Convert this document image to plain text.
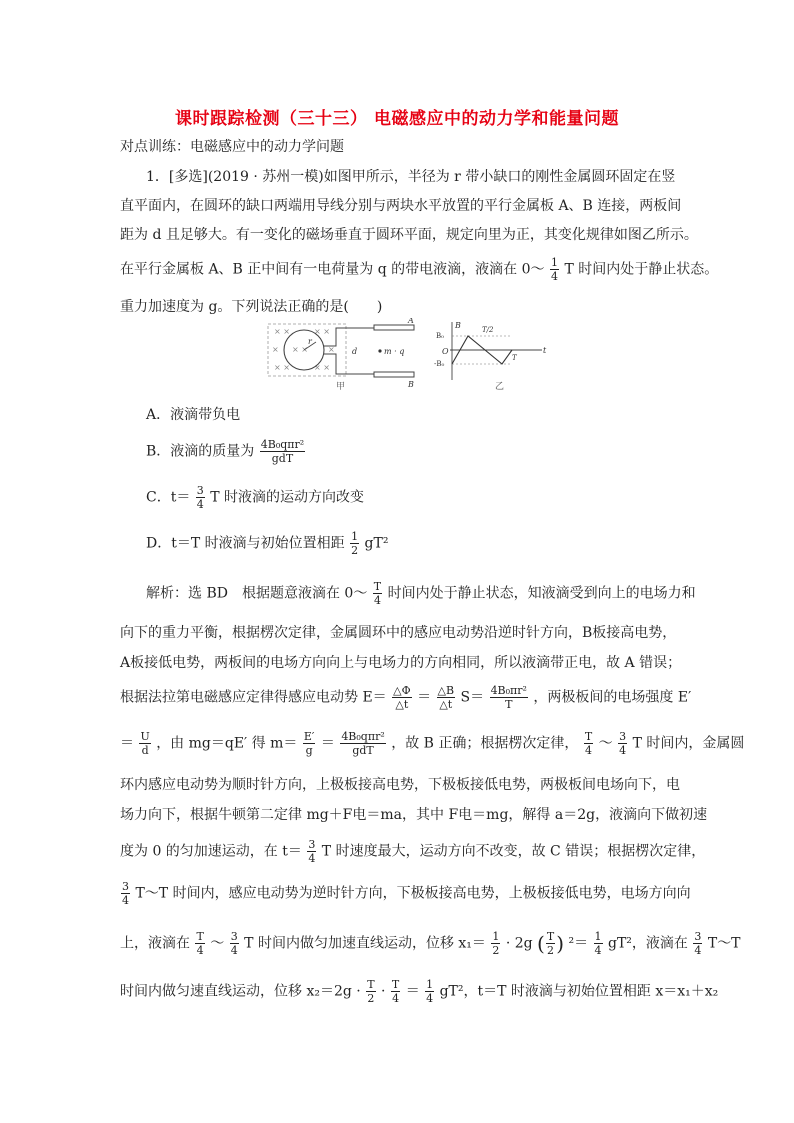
课时跟踪检测（三十三） 电磁感应中的动力学和能量问题
对点训练：电磁感应中的动力学问题
1．[多选](2019 · 苏州一模)如图甲所示，半径为 r 带小缺口的刚性金属圆环固定在竖
直平面内，在圆环的缺口两端用导线分别与两块水平放置的平行金属板 A、B 连接，两板间
距为 d 且足够大。有一变化的磁场垂直于圆环平面，规定向里为正，其变化规律如图乙所示。
在平行金属板 A、B 正中间有一电荷量为 q 的带电液滴，液滴在 0～ $\frac{1}{4}$ T 时间内处于静止状态。
重力加速度为 g。下列说法正确的是(　　)
× ×	× ×
× × ×	×
× ×	× ×
r
A
B
d	m · q
甲
B
t
B₀
-B₀
O
T/2
T
乙
A．液滴带负电
B．液滴的质量为 $\frac{\text{4B₀qπr²}}{\text{gdT}}$
C．$t= \frac{3}{4}$ T 时液滴的运动方向改变
D．t＝T 时液滴与初始位置相距 $\frac{1}{2} gT^2$
解析：选 BD　根据题意液滴在 0～ $\frac{T}{4}$ 时间内处于静止状态，知液滴受到向上的电场力和
向下的重力平衡，根据楞次定律，金属圆环中的感应电动势沿逆时针方向，B板接高电势，
A板接低电势，两板间的电场方向向上与电场力的方向相同，所以液滴带正电，故 A 错误；
根据法拉第电磁感应定律得感应电动势 $E= \frac{\triangle\Phi}{\triangle t} = \frac{\triangle B}{\triangle t} S= \frac{\text{4B₀πr²}}{T}$ ，两极板间的电场强度 E′
＝ $\frac{U}{d}$ ，由 mg＝qE′ 得 $m= \frac{E'}{g} = \frac{\text{4B₀qπr²}}{\text{gdT}}$ ，故 B 正确；根据楞次定律， $\frac{T}{4}$ ～ $\frac{3}{4}$ T 时间内，金属圆
环内感应电动势为顺时针方向，上极板接高电势，下极板接低电势，两极板间电场向下，电
场力向下，根据牛顿第二定律 mg＋F电＝ma，其中 F电＝mg，解得 a＝2g，液滴向下做初速
度为 0 的匀加速运动，在 $t= \frac{3}{4}$ T 时速度最大，运动方向不改变，故 C 错误；根据楞次定律，
$\frac{3}{4}$ T～T 时间内，感应电动势为逆时针方向，下极板接高电势，上极板接低电势，电场方向向
上，液滴在 $\frac{T}{4}$ ～ $\frac{3}{4}$ T 时间内做匀加速直线运动，位移 $x_1= \frac{1}{2} \cdot 2g$ ( $\frac{T}{2}$ ) $^2= \frac{1}{4} gT^2$，液滴在 $\frac{3}{4}$ T～T
时间内做匀速直线运动，位移 $x_2=2g \cdot \frac{T}{2} \cdot \frac{T}{4} = \frac{1}{4} gT^2$，t＝T 时液滴与初始位置相距 x＝x₁＋x₂
